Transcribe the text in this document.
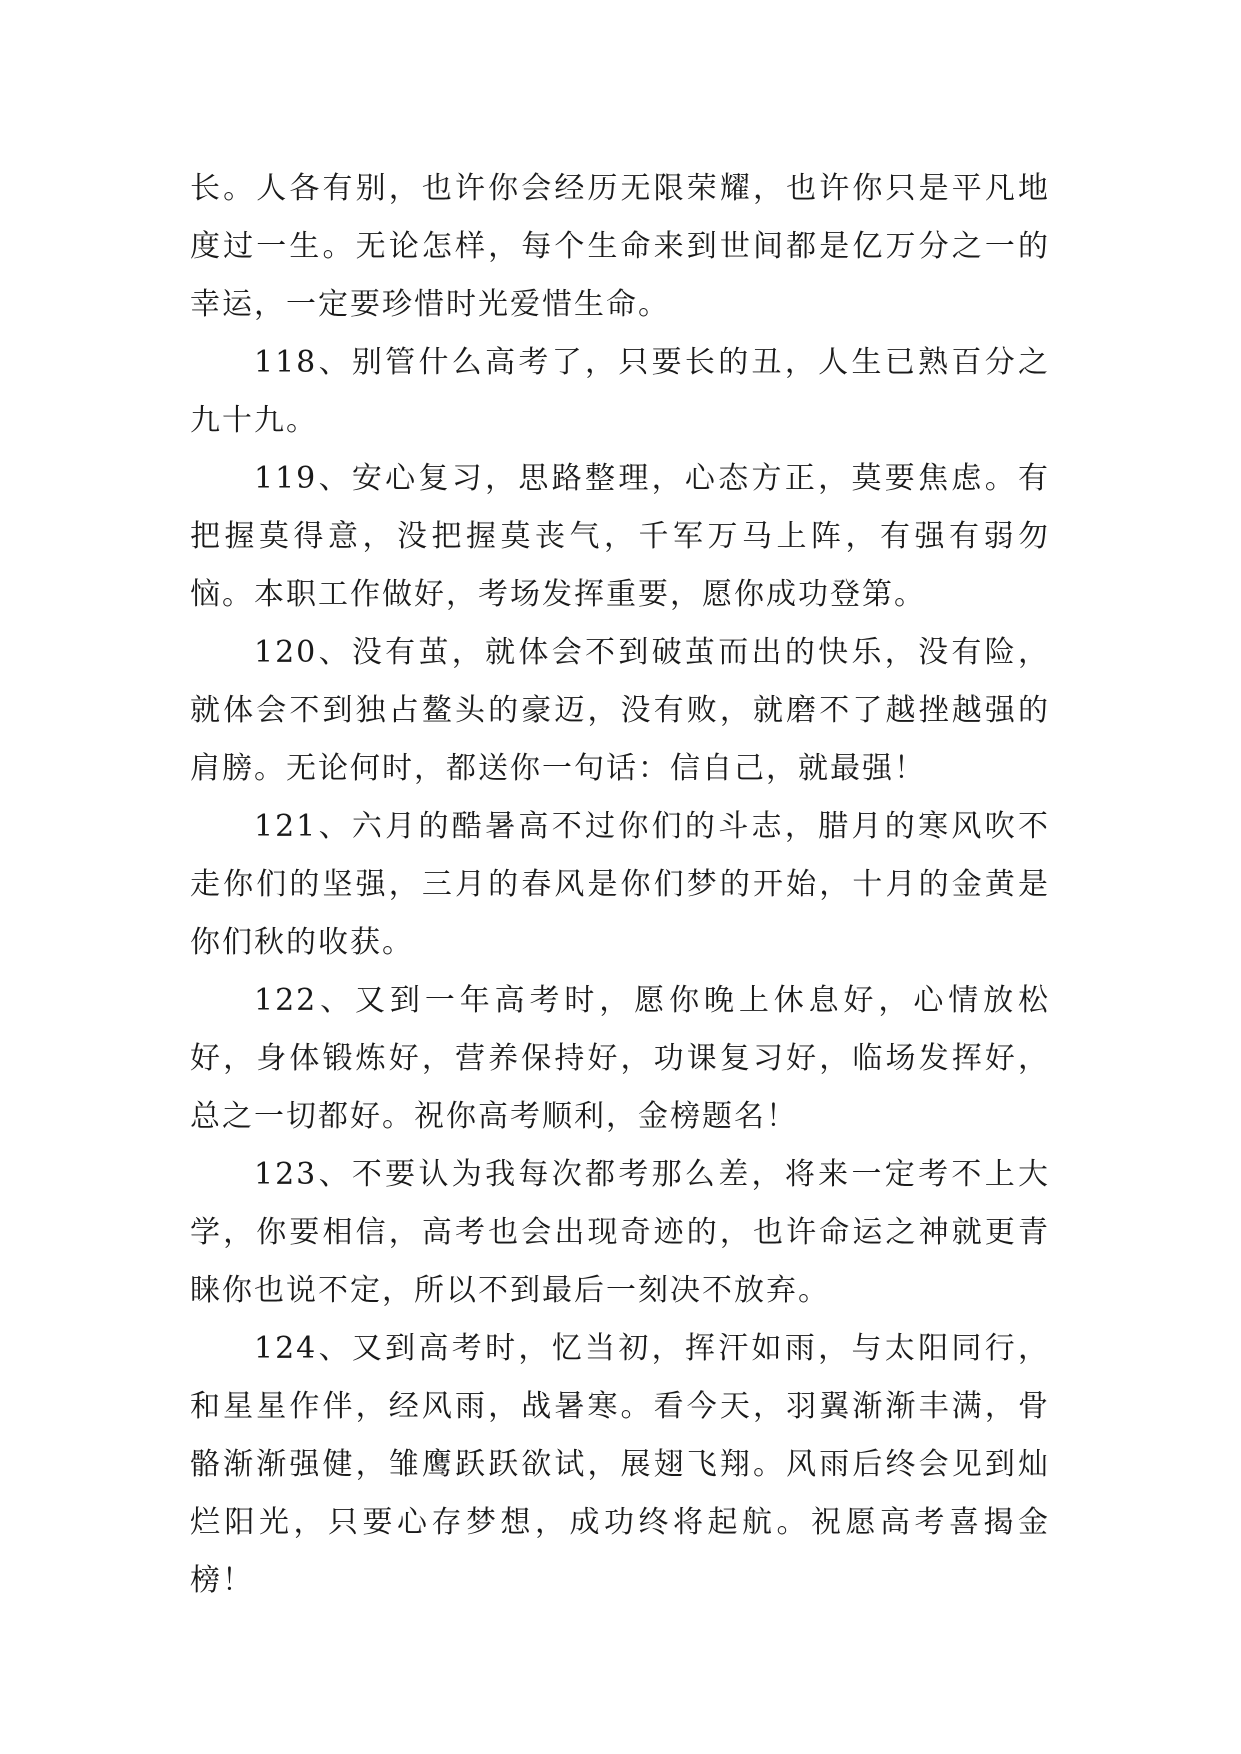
长。人各有别，也许你会经历无限荣耀，也许你只是平凡地度过一生。无论怎样，每个生命来到世间都是亿万分之一的幸运，一定要珍惜时光爱惜生命。

118、别管什么高考了，只要长的丑，人生已熟百分之九十九。

119、安心复习，思路整理，心态方正，莫要焦虑。有把握莫得意，没把握莫丧气，千军万马上阵，有强有弱勿恼。本职工作做好，考场发挥重要，愿你成功登第。

120、没有茧，就体会不到破茧而出的快乐，没有险，就体会不到独占鳌头的豪迈，没有败，就磨不了越挫越强的肩膀。无论何时，都送你一句话：信自己，就最强！

121、六月的酷暑高不过你们的斗志，腊月的寒风吹不走你们的坚强，三月的春风是你们梦的开始，十月的金黄是你们秋的收获。

122、又到一年高考时，愿你晚上休息好，心情放松好，身体锻炼好，营养保持好，功课复习好，临场发挥好，总之一切都好。祝你高考顺利，金榜题名！

123、不要认为我每次都考那么差，将来一定考不上大学，你要相信，高考也会出现奇迹的，也许命运之神就更青睐你也说不定，所以不到最后一刻决不放弃。

124、又到高考时，忆当初，挥汗如雨，与太阳同行，和星星作伴，经风雨，战暑寒。看今天，羽翼渐渐丰满，骨骼渐渐强健，雏鹰跃跃欲试，展翅飞翔。风雨后终会见到灿烂阳光，只要心存梦想，成功终将起航。祝愿高考喜揭金榜！
